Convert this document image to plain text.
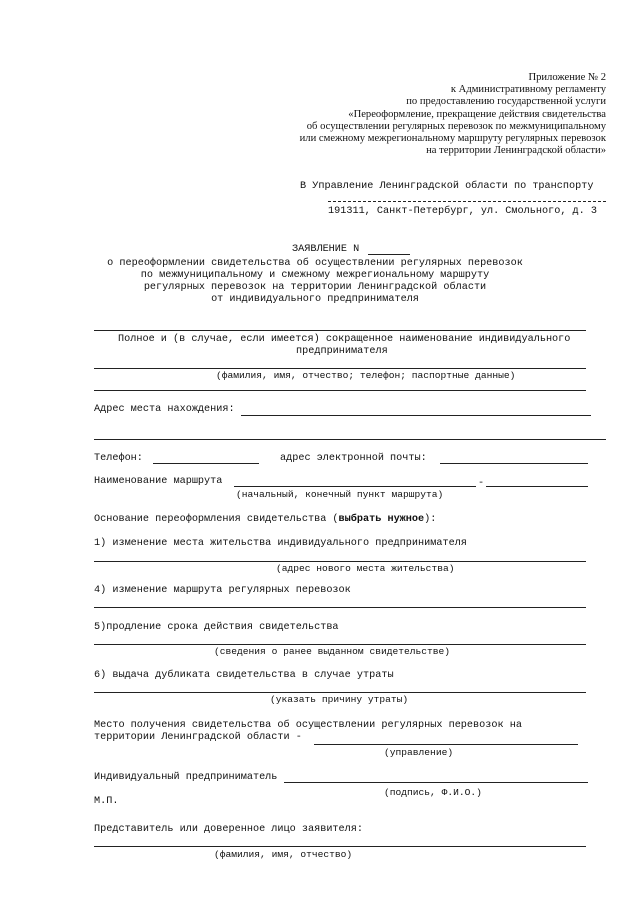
Приложение № 2
к Административному регламенту
по предоставлению государственной услуги
«Переоформление, прекращение действия свидетельства
об осуществлении регулярных перевозок по межмуниципальному
или смежному межрегиональному маршруту регулярных перевозок
на территории Ленинградской области»
В Управление Ленинградской области по транспорту
191311, Санкт-Петербург, ул. Смольного, д. 3
ЗАЯВЛЕНИЕ N
о переоформлении свидетельства об осуществлении регулярных перевозок
по межмуниципальному и смежному межрегиональному маршруту
регулярных перевозок на территории Ленинградской области
от индивидуального предпринимателя
Полное и (в случае, если имеется) сокращенное наименование индивидуального
предпринимателя
(фамилия, имя, отчество; телефон; паспортные данные)
Адрес места нахождения:
Телефон:	адрес электронной почты:
Наименование маршрута	-
(начальный, конечный пункт маршрута)
Основание переоформления свидетельства (выбрать нужное):
1) изменение места жительства индивидуального предпринимателя
(адрес нового места жительства)
4) изменение маршрута регулярных перевозок
5)продление срока действия свидетельства
(сведения о ранее выданном свидетельстве)
6) выдача дубликата свидетельства в случае утраты
(указать причину утраты)
Место получения свидетельства об осуществлении регулярных перевозок на
территории Ленинградской области -
(управление)
Индивидуальный предприниматель
(подпись, Ф.И.О.)
М.П.
Представитель или доверенное лицо заявителя:
(фамилия, имя, отчество)
